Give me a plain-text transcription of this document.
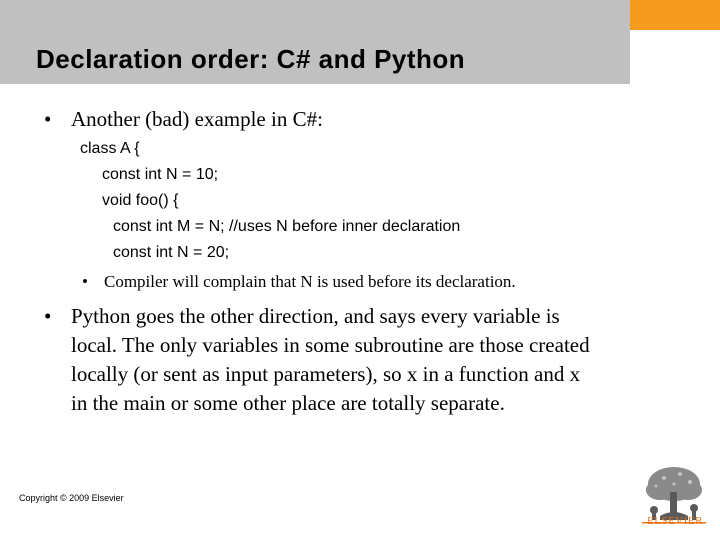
Declaration order: C# and Python
• Another (bad) example in C#:
class A {
const int N = 10;
void foo() {
const int M = N; //uses N before inner declaration
const int N = 20;
• Compiler will complain that N is used before its declaration.
• Python goes the other direction, and says every variable is
local. The only variables in some subroutine are those created
locally (or sent as input parameters), so x in a function and x
in the main or some other place are totally separate.
Copyright © 2009 Elsevier
ELSEVIER
